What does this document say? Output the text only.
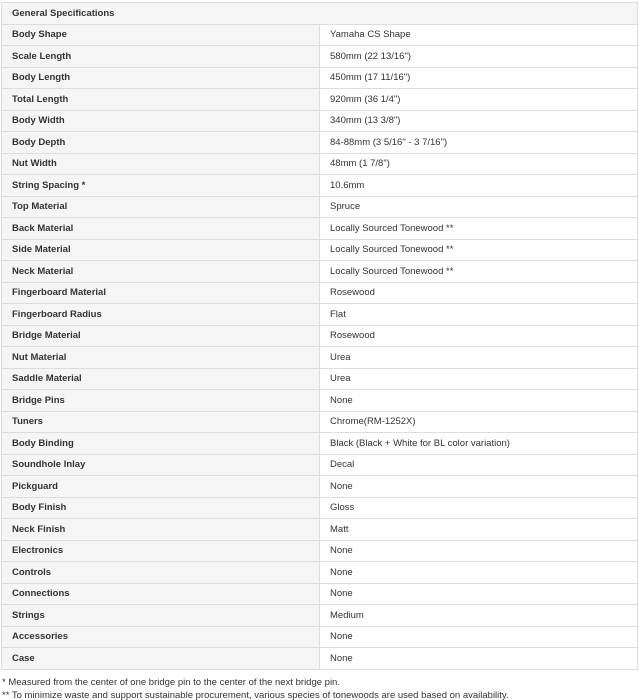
General Specifications	
Body Shape	Yamaha CS Shape
Scale Length	580mm (22 13/16")
Body Length	450mm (17 11/16")
Total Length	920mm (36 1/4")
Body Width	340mm (13 3/8")
Body Depth	84-88mm (3 5/16" - 3 7/16")
Nut Width	48mm (1 7/8")
String Spacing *	10.6mm
Top Material	Spruce
Back Material	Locally Sourced Tonewood **
Side Material	Locally Sourced Tonewood **
Neck Material	Locally Sourced Tonewood **
Fingerboard Material	Rosewood
Fingerboard Radius	Flat
Bridge Material	Rosewood
Nut Material	Urea
Saddle Material	Urea
Bridge Pins	None
Tuners	Chrome(RM-1252X)
Body Binding	Black (Black + White for BL color variation)
Soundhole Inlay	Decal
Pickguard	None
Body Finish	Gloss
Neck Finish	Matt
Electronics	None
Controls	None
Connections	None
Strings	Medium
Accessories	None
Case	None
* Measured from the center of one bridge pin to the center of the next bridge pin.
** To minimize waste and support sustainable procurement, various species of tonewoods are used based on availability.
